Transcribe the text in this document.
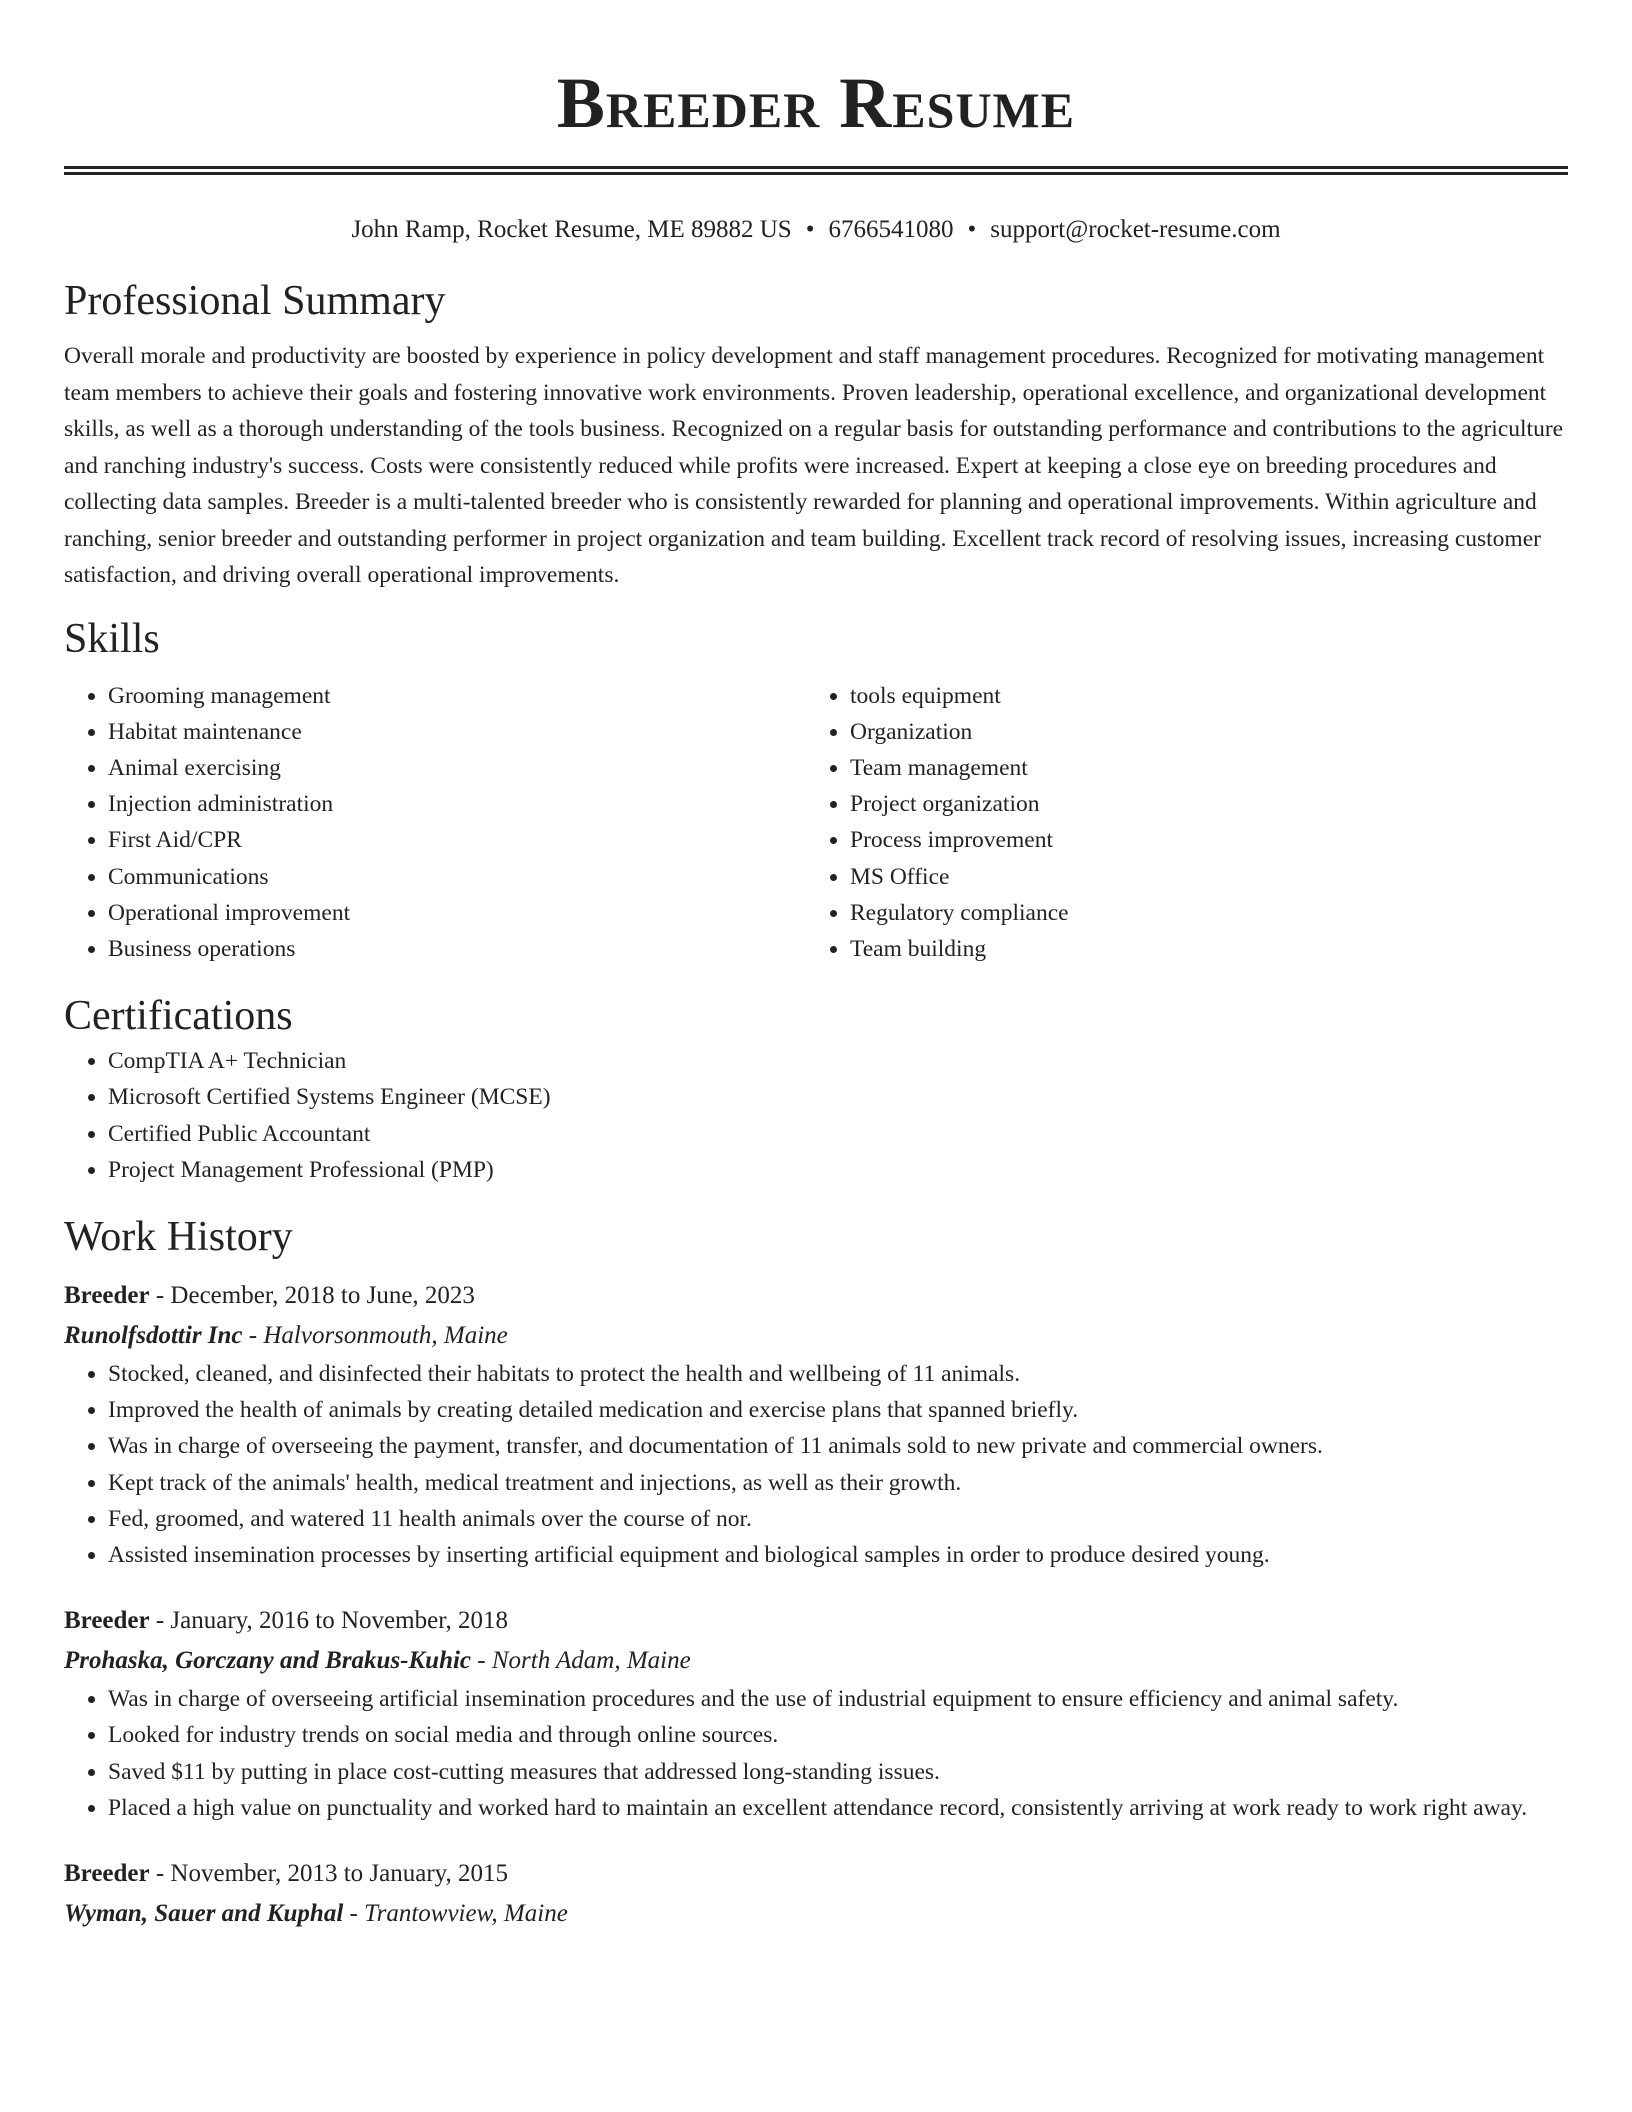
Breeder Resume
John Ramp, Rocket Resume, ME 89882 US • 6766541080 • support@rocket-resume.com
Professional Summary

Overall morale and productivity are boosted by experience in policy development and staff management procedures. Recognized for motivating management team members to achieve their goals and fostering innovative work environments. Proven leadership, operational excellence, and organizational development skills, as well as a thorough understanding of the tools business. Recognized on a regular basis for outstanding performance and contributions to the agriculture and ranching industry's success. Costs were consistently reduced while profits were increased. Expert at keeping a close eye on breeding procedures and collecting data samples. Breeder is a multi-talented breeder who is consistently rewarded for planning and operational improvements. Within agriculture and ranching, senior breeder and outstanding performer in project organization and team building. Excellent track record of resolving issues, increasing customer satisfaction, and driving overall operational improvements.

Skills
• Grooming management
• Habitat maintenance
• Animal exercising
• Injection administration
• First Aid/CPR
• Communications
• Operational improvement
• Business operations
• tools equipment
• Organization
• Team management
• Project organization
• Process improvement
• MS Office
• Regulatory compliance
• Team building
Certifications
• CompTIA A+ Technician
• Microsoft Certified Systems Engineer (MCSE)
• Certified Public Accountant
• Project Management Professional (PMP)
Work History
Breeder - December, 2018 to June, 2023
Runolfsdottir Inc - Halvorsonmouth, Maine
• Stocked, cleaned, and disinfected their habitats to protect the health and wellbeing of 11 animals.
• Improved the health of animals by creating detailed medication and exercise plans that spanned briefly.
• Was in charge of overseeing the payment, transfer, and documentation of 11 animals sold to new private and commercial owners.
• Kept track of the animals' health, medical treatment and injections, as well as their growth.
• Fed, groomed, and watered 11 health animals over the course of nor.
• Assisted insemination processes by inserting artificial equipment and biological samples in order to produce desired young.
Breeder - January, 2016 to November, 2018
Prohaska, Gorczany and Brakus-Kuhic - North Adam, Maine
• Was in charge of overseeing artificial insemination procedures and the use of industrial equipment to ensure efficiency and animal safety.
• Looked for industry trends on social media and through online sources.
• Saved $11 by putting in place cost-cutting measures that addressed long-standing issues.
• Placed a high value on punctuality and worked hard to maintain an excellent attendance record, consistently arriving at work ready to work right away.
Breeder - November, 2013 to January, 2015
Wyman, Sauer and Kuphal - Trantowview, Maine
